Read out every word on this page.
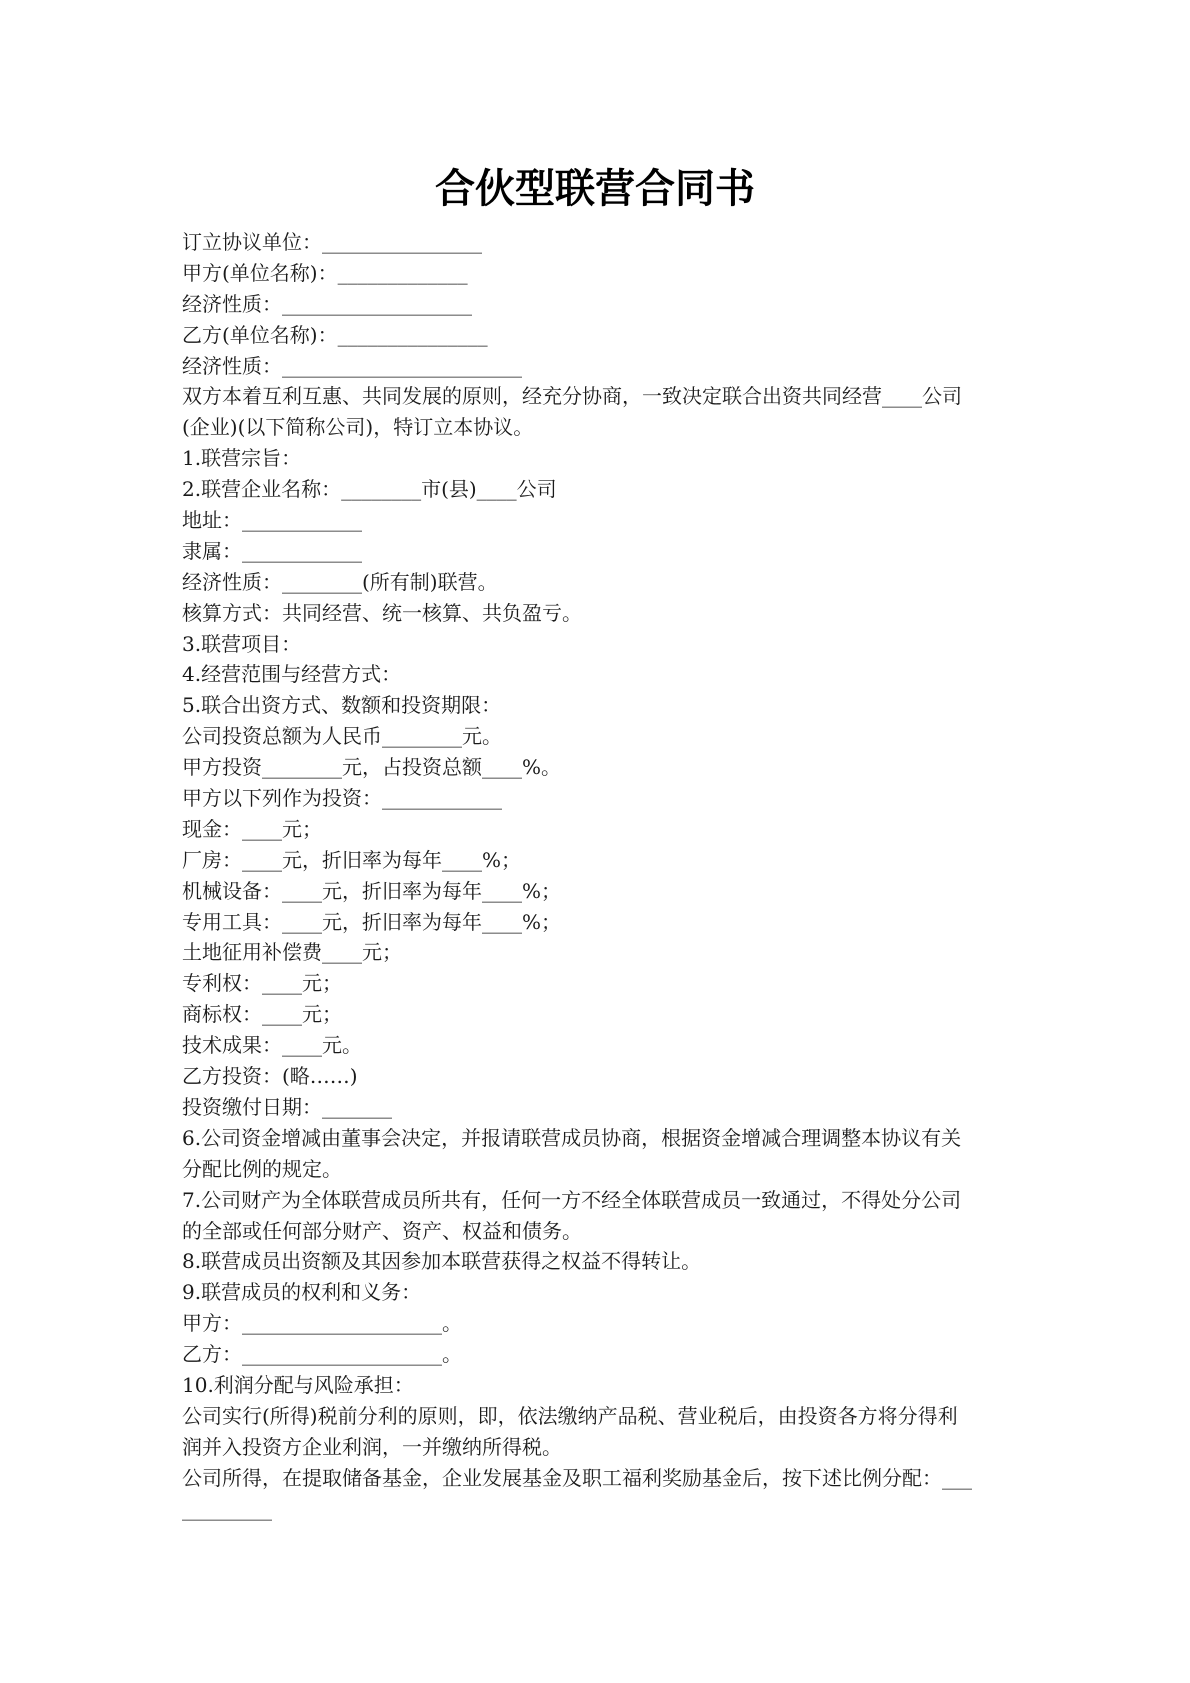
合伙型联营合同书
订立协议单位：________________
甲方(单位名称)：_____________
经济性质：___________________
乙方(单位名称)：_______________
经济性质：________________________
双方本着互利互惠、共同发展的原则，经充分协商，一致决定联合出资共同经营____公司
(企业)(以下简称公司)，特订立本协议。
1.联营宗旨：
2.联营企业名称：________市(县)____公司
地址：____________
隶属：____________
经济性质：________(所有制)联营。
核算方式：共同经营、统一核算、共负盈亏。
3.联营项目：
4.经营范围与经营方式：
5.联合出资方式、数额和投资期限：
公司投资总额为人民币________元。
甲方投资________元，占投资总额____%。
甲方以下列作为投资：____________
现金：____元；
厂房：____元，折旧率为每年____%；
机械设备：____元，折旧率为每年____%；
专用工具：____元，折旧率为每年____%；
土地征用补偿费____元；
专利权：____元；
商标权：____元；
技术成果：____元。
乙方投资：(略……)
投资缴付日期：_______
6.公司资金增减由董事会决定，并报请联营成员协商，根据资金增减合理调整本协议有关
分配比例的规定。
7.公司财产为全体联营成员所共有，任何一方不经全体联营成员一致通过，不得处分公司
的全部或任何部分财产、资产、权益和债务。
8.联营成员出资额及其因参加本联营获得之权益不得转让。
9.联营成员的权利和义务：
甲方：____________________。
乙方：____________________。
10.利润分配与风险承担：
公司实行(所得)税前分利的原则，即，依法缴纳产品税、营业税后，由投资各方将分得利
润并入投资方企业利润，一并缴纳所得税。
公司所得，在提取储备基金，企业发展基金及职工福利奖励基金后，按下述比例分配：___
_________
